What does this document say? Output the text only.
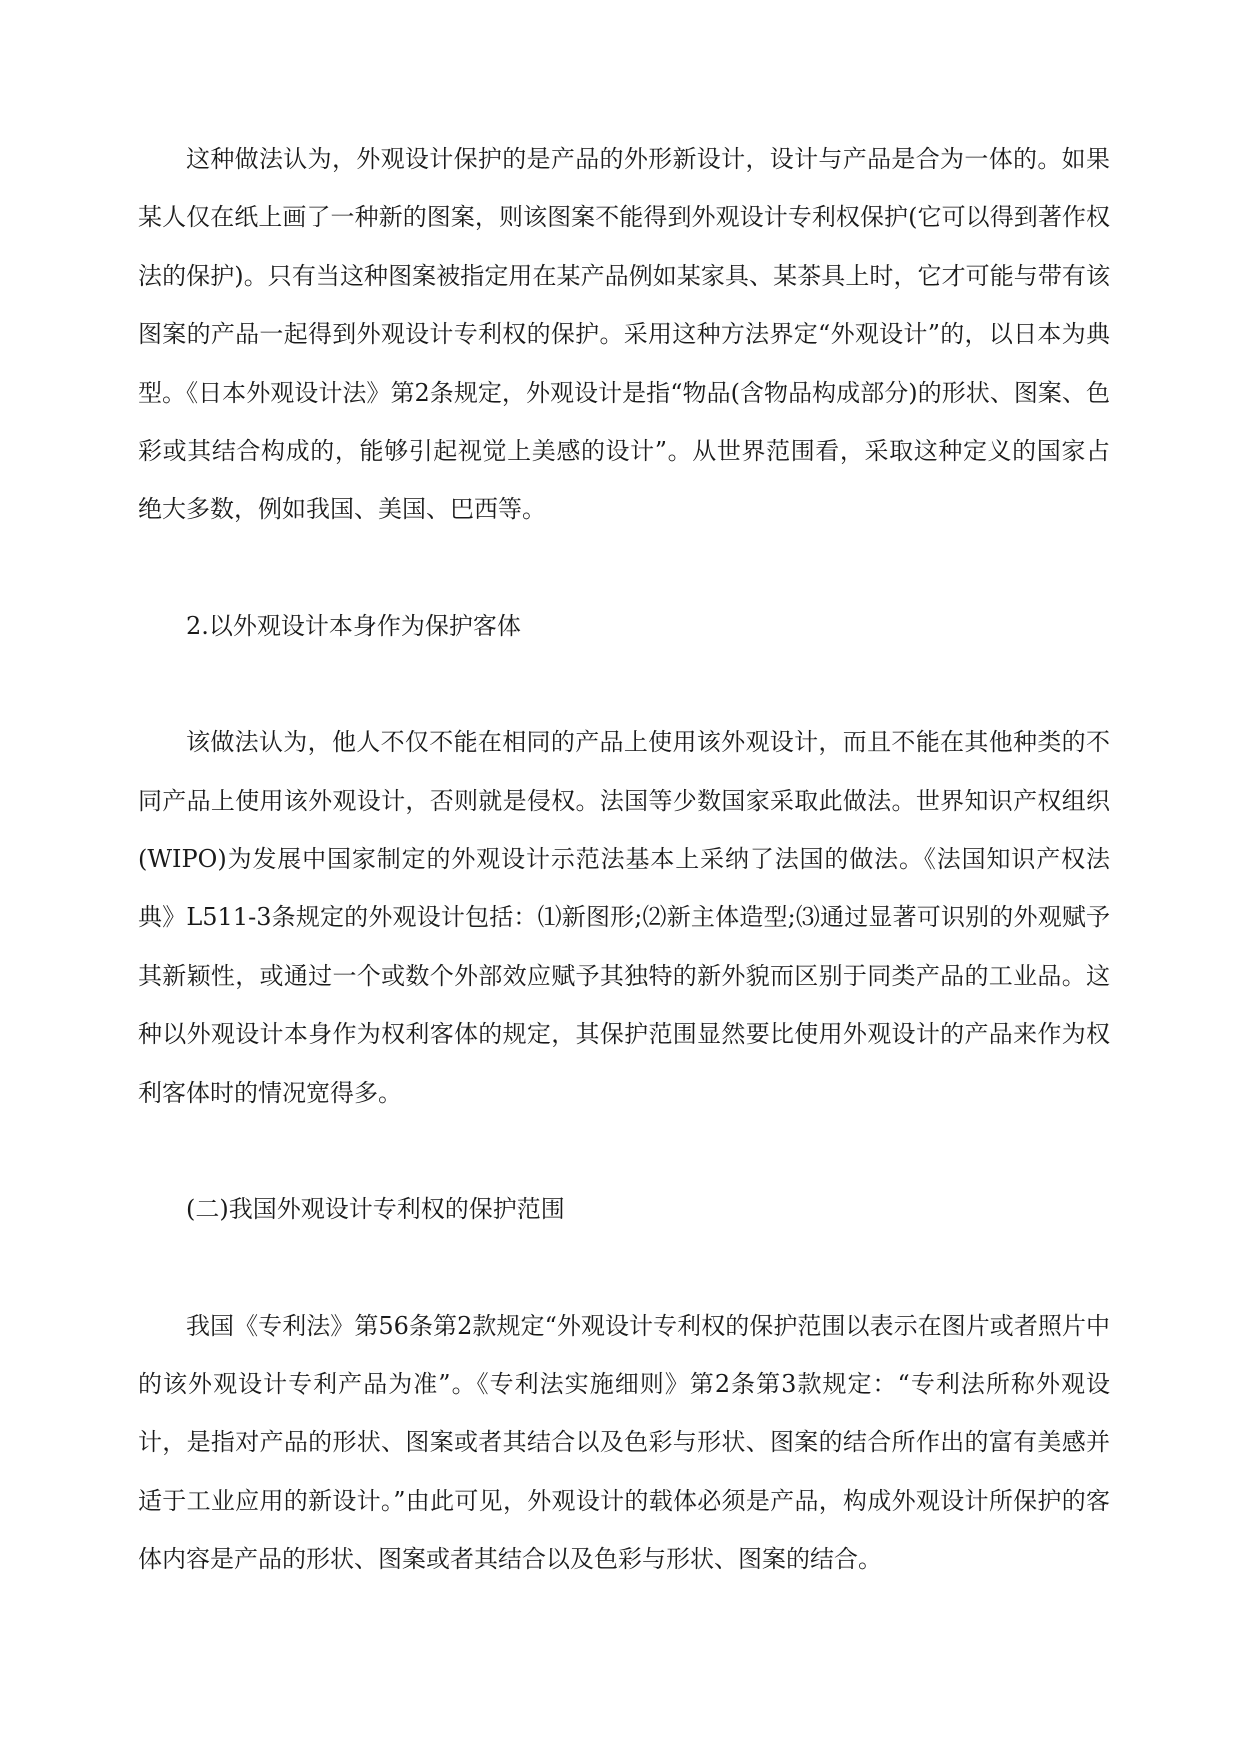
这种做法认为，外观设计保护的是产品的外形新设计，设计与产品是合为一体的。如果某人仅在纸上画了一种新的图案，则该图案不能得到外观设计专利权保护(它可以得到著作权法的保护)。只有当这种图案被指定用在某产品例如某家具、某茶具上时，它才可能与带有该图案的产品一起得到外观设计专利权的保护。采用这种方法界定“外观设计”的，以日本为典型。《日本外观设计法》第2条规定，外观设计是指“物品(含物品构成部分)的形状、图案、色彩或其结合构成的，能够引起视觉上美感的设计”。从世界范围看，采取这种定义的国家占绝大多数，例如我国、美国、巴西等。

2.以外观设计本身作为保护客体

该做法认为，他人不仅不能在相同的产品上使用该外观设计，而且不能在其他种类的不同产品上使用该外观设计，否则就是侵权。法国等少数国家采取此做法。世界知识产权组织(WIPO)为发展中国家制定的外观设计示范法基本上采纳了法国的做法。《法国知识产权法典》L511-3条规定的外观设计包括：⑴新图形;⑵新主体造型;⑶通过显著可识别的外观赋予其新颖性，或通过一个或数个外部效应赋予其独特的新外貌而区别于同类产品的工业品。这种以外观设计本身作为权利客体的规定，其保护范围显然要比使用外观设计的产品来作为权利客体时的情况宽得多。

(二)我国外观设计专利权的保护范围

我国《专利法》第56条第2款规定“外观设计专利权的保护范围以表示在图片或者照片中的该外观设计专利产品为准”。《专利法实施细则》第2条第3款规定：“专利法所称外观设计，是指对产品的形状、图案或者其结合以及色彩与形状、图案的结合所作出的富有美感并适于工业应用的新设计。”由此可见，外观设计的载体必须是产品，构成外观设计所保护的客体内容是产品的形状、图案或者其结合以及色彩与形状、图案的结合。
